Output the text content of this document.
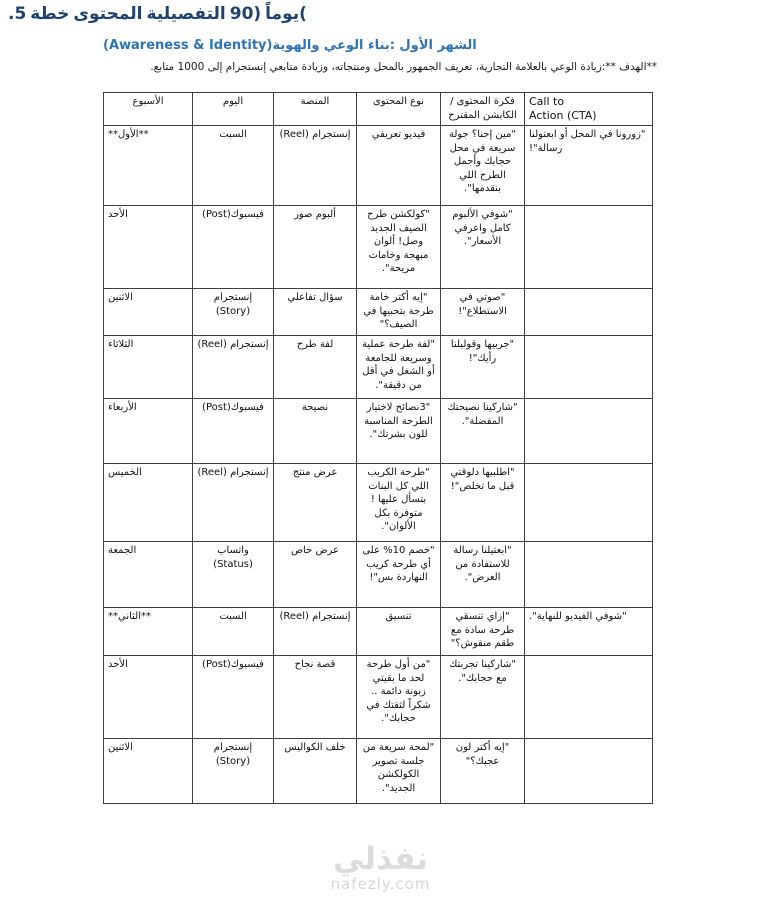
.5 خطة المحتوى التفصيلية 90) يوماً(
الشهر الأول :بناء الوعي والهوية(Awareness & Identity)
**الهدف **:زيادة الوعي بالعلامة التجارية، تعريف الجمهور بالمحل ومنتجاته، وزيادة متابعي إنستجرام إلى 1000 متابع.
الأسبوع	اليوم	المنصة	نوع المحتوى	فكرة المحتوى / الكابشن المقترح	Call to Action (CTA)

**الأول**	السبت	إنستجرام (Reel)	فيديو تعريفي	"مين إحنا؟ جولة سريعة في محل حجابك وأجمل الطرح اللي بنقدمها".	"زورونا في المحل أو ابعتولنا رسالة"!
الأحد	فيسبوك(Post)	ألبوم صور	"كولكشن طرح الصيف الجديد وصل! ألوان مبهجة وخامات مريحة".	"شوفي الألبوم كامل واعرفي الأسعار".	
الاثنين	إنستجرام (Story)	سؤال تفاعلي	"إيه أكتر خامة طرحة بتحبيها في الصيف؟"	"صوتي في الاستطلاع"!	
الثلاثاء	إنستجرام (Reel)	لفة طرح	"لفة طرحة عملية وسريعة للجامعة أو الشغل في أقل من دقيقة".	"جربيها وقوليلنا رأيك"!	
الأربعاء	فيسبوك(Post)	نصيحة	"3نصائح لاختيار الطرحة المناسبة للون بشرتك".	"شاركينا نصيحتك المفضلة".	
الخميس	إنستجرام (Reel)	عرض منتج	"طرحة الكريب اللي كل البنات بتسأل عليها ! متوفرة بكل الألوان".	"اطلبيها دلوقتي قبل ما تخلص"!	
الجمعة	واتساب (Status)	عرض خاص	"خصم 10% على أي طرحة كريب النهاردة بس"!	"ابعتيلنا رسالة للاستفادة من العرض".	
**الثاني**	السبت	إنستجرام (Reel)	تنسيق	"إزاي تنسقي طرحة سادة مع طقم منقوش؟"	"شوفي الفيديو للنهاية".
الأحد	فيسبوك(Post)	قصة نجاح	"من أول طرحة لحد ما بقيتي زبونة دائمة .. شكراً لثقتك في حجابك".	"شاركينا تجربتك مع حجابك".	
الاثنين	إنستجرام (Story)	خلف الكواليس	"لمحة سريعة من جلسة تصوير الكولكشن الجديد".	"إيه أكتر لون عجبك؟"	
نفذلي
nafezly.com
